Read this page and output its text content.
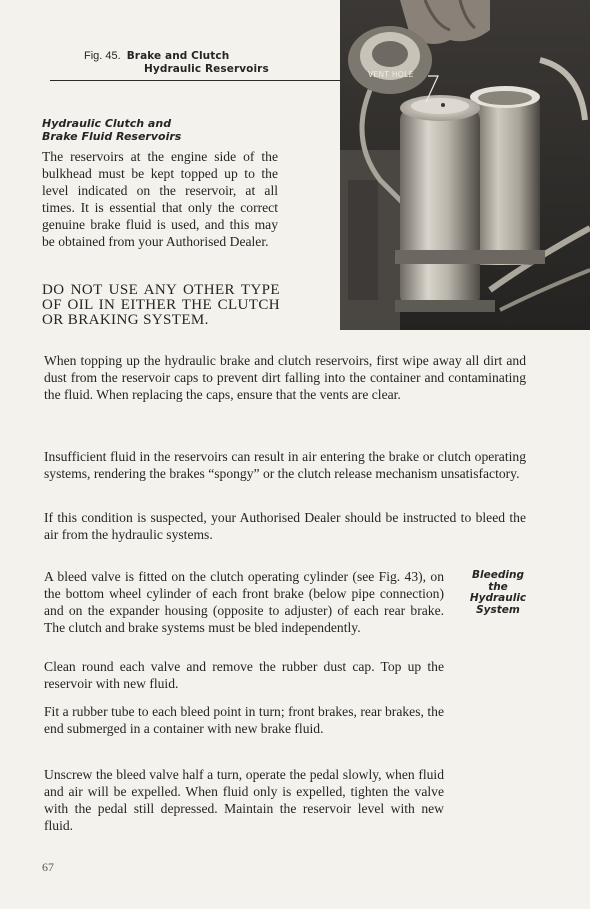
Fig. 45. Brake and Clutch
Hydraulic Reservoirs	VENT HOLE
Hydraulic Clutch and
Brake Fluid Reservoirs

The reservoirs at the engine side of the bulkhead must be kept topped up to the level indicated on the reservoir, at all times. It is essential that only the correct genuine brake fluid is used, and this may be obtained from your Authorised Dealer.

DO NOT USE ANY OTHER TYPE OF OIL IN EITHER THE CLUTCH OR BRAKING SYSTEM.

When topping up the hydraulic brake and clutch reservoirs, first wipe away all dirt and dust from the reservoir caps to prevent dirt falling into the container and contaminating the fluid. When replacing the caps, ensure that the vents are clear.

Insufficient fluid in the reservoirs can result in air entering the brake or clutch operating systems, rendering the brakes “spongy” or the clutch release mechanism unsatisfactory.

If this condition is suspected, your Authorised Dealer should be instructed to bleed the air from the hydraulic systems.

Bleeding
the
Hydraulic
System

A bleed valve is fitted on the clutch operating cylinder (see Fig. 43), on the bottom wheel cylinder of each front brake (below pipe connection) and on the expander housing (opposite to adjuster) of each rear brake. The clutch and brake systems must be bled independently.

Clean round each valve and remove the rubber dust cap. Top up the reservoir with new fluid.

Fit a rubber tube to each bleed point in turn; front brakes, rear brakes, the end submerged in a container with new brake fluid.

Unscrew the bleed valve half a turn, operate the pedal slowly, when fluid and air will be expelled. When fluid only is expelled, tighten the valve with the pedal still depressed. Maintain the reservoir level with new fluid.

67
